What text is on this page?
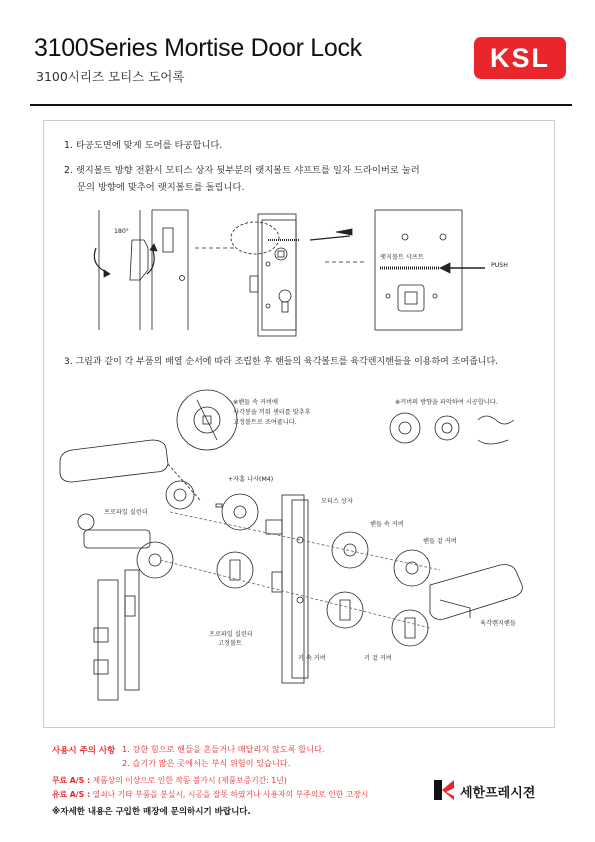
3100Series Mortise Door Lock
3100시리즈 모티스 도어록
KSL
1. 타공도면에 맞게 도어를 타공합니다.
2. 랫지볼트 방향 전환시 모티스 상자 뒷부분의 랫지볼트 샤프트를 일자 드라이버로 눌러
문의 방향에 맞추어 랫지볼트를 돌립니다.
3. 그림과 같이 각 부품의 배열 순서에 따라 조립한 후 핸들의 육각볼트를 육각렌지핸들을 이용하여 조여줍니다.
180°
랫지볼트 샤프트
PUSH
※핸들 속 커버에
사각봉을 끼워 센터를 맞추후
고정볼트로 조여줍니다.
※커버의 방향을 파악하여 시공합니다.
+자홈 나사(M4)
모티스 상자
프로파일 실린더
핸들 속 커버
핸들 겉 커버
육각렌지핸들
프로파일 실린더
고정볼트
키 속 커버	키 겉 커버
사용시 주의 사항 1. 강한 힘으로 핸들을 흔들거나 매달리지 않도록 합니다.
2. 습기가 많은 곳에서는 부식 위험이 있습니다.
무료 A/S : 제품상의 이상으로 인한 작동 불가시 (제품보증기간: 1년)
유료 A/S : 열쇠나 기타 부품을 분실시, 시공을 잘못 하였거나 사용자의 부주의로 인한 고장시
※자세한 내용은 구입한 매장에 문의하시기 바랍니다.
세한프레시젼
